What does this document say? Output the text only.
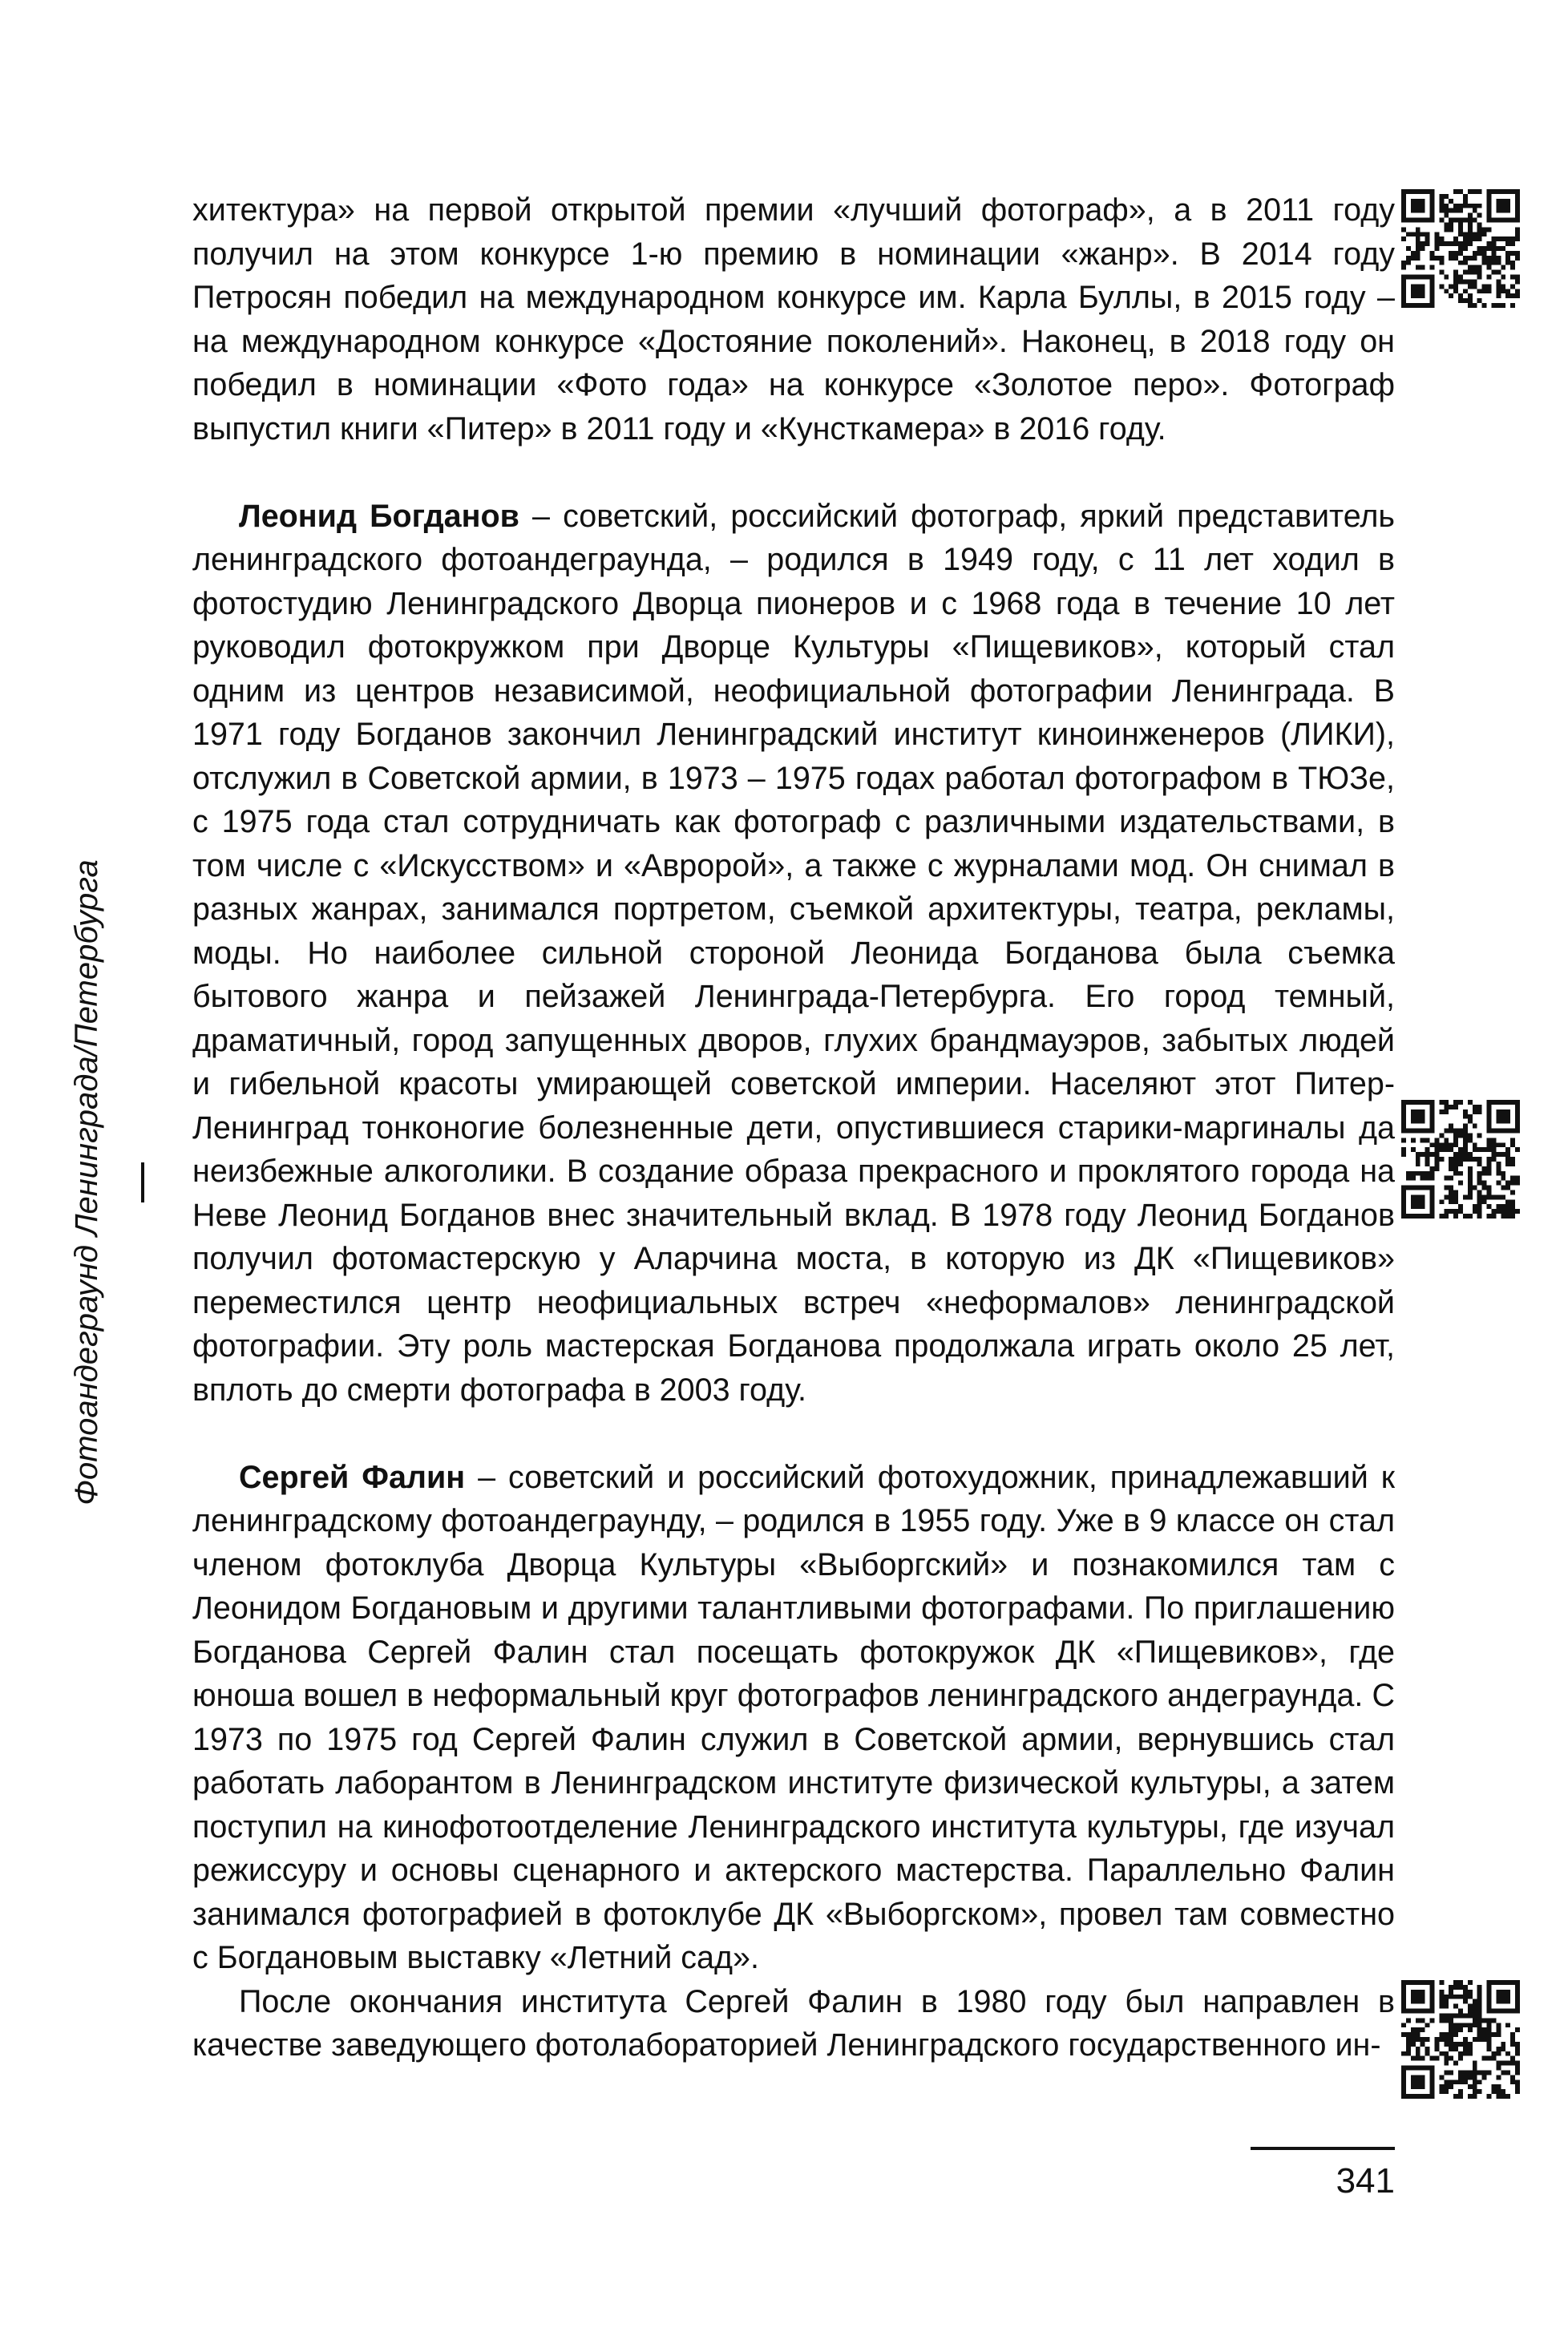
Фотоандеграунд Ленинграда/Петербурга

хитектура» на первой открытой премии «лучший фотограф», а в 2011 году получил на этом конкурсе 1-ю премию в номинации «жанр». В 2014 году Петросян победил на международном конкурсе им. Карла Буллы, в 2015 году – на международном конкурсе «Достояние поколений». Наконец, в 2018 году он победил в номинации «Фото года» на конкурсе «Золотое перо». Фотограф выпустил книги «Питер» в 2011 году и «Кунсткамера» в 2016 году.

Леонид Богданов – советский, российский фотограф, яркий представитель ленинградского фотоандеграунда, – родился в 1949 году, с 11 лет ходил в фотостудию Ленинградского Дворца пионеров и с 1968 года в течение 10 лет руководил фотокружком при Дворце Культуры «Пищевиков», который стал одним из центров независимой, неофициальной фотографии Ленинграда. В 1971 году Богданов закончил Ленинградский институт киноинженеров (ЛИКИ), отслужил в Советской армии, в 1973 – 1975 годах работал фотографом в ТЮЗе, с 1975 года стал сотрудничать как фотограф с различными издательствами, в том числе с «Искусством» и «Авророй», а также с журналами мод. Он снимал в разных жанрах, занимался портретом, съемкой архитектуры, театра, рекламы, моды. Но наиболее сильной стороной Леонида Богданова была съемка бытового жанра и пейзажей Ленинграда-Петербурга. Его город темный, драматичный, город запущенных дворов, глухих брандмауэров, забытых людей и гибельной красоты умирающей советской империи. Населяют этот Питер-Ленинград тонконогие болезненные дети, опустившиеся старики-маргиналы да неизбежные алкоголики. В создание образа прекрасного и проклятого города на Неве Леонид Богданов внес значительный вклад. В 1978 году Леонид Богданов получил фотомастерскую у Аларчина моста, в которую из ДК «Пищевиков» переместился центр неофициальных встреч «неформалов» ленинградской фотографии. Эту роль мастерская Богданова продолжала играть около 25 лет, вплоть до смерти фотографа в 2003 году.

Сергей Фалин – советский и российский фотохудожник, принадлежавший к ленинградскому фотоандеграунду, – родился в 1955 году. Уже в 9 классе он стал членом фотоклуба Дворца Культуры «Выборгский» и познакомился там с Леонидом Богдановым и другими талантливыми фотографами. По приглашению Богданова Сергей Фалин стал посещать фотокружок ДК «Пищевиков», где юноша вошел в неформальный круг фотографов ленинградского андеграунда. С 1973 по 1975 год Сергей Фалин служил в Советской армии, вернувшись стал работать лаборантом в Ленинградском институте физической культуры, а затем поступил на кинофотоотделение Ленинградского института культуры, где изучал режиссуру и основы сценарного и актерского мастерства. Параллельно Фалин занимался фотографией в фотоклубе ДК «Выборгском», провел там совместно с Богдановым выставку «Летний сад».

После окончания института Сергей Фалин в 1980 году был направлен в качестве заведующего фотолабораторией Ленинградского государственного ин-

341
